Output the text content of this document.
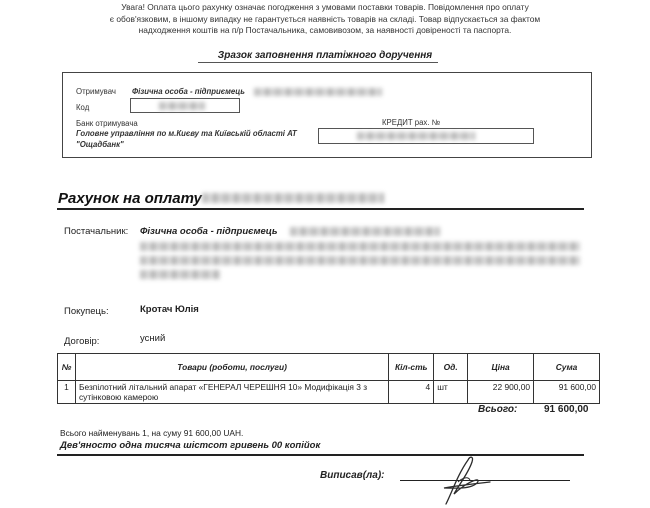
Увага! Оплата цього рахунку означає погодження з умовами поставки товарів. Повідомлення про оплату
є обов'язковим, в іншому випадку не гарантується наявність товарів на складі. Товар відпускається за фактом
надходження коштів на п/р Постачальника, самовивозом, за наявності довіреності та паспорта.
Зразок заповнення платіжного доручення
Отримувач Фізична особа - підприємець
Код
Банк отримувача	КРЕДИТ рах. №
Головне управління по м.Києву та Київській області АТ
"Ощадбанк"
Рахунок на оплату
Постачальник: Фізична особа - підприємець
Покупець:	Кротач Юлія
Договір:	усний
№	Товари (роботи, послуги)	Кіл-сть	Од.	Ціна	Сума
1	Безпілотний літальний апарат «ГЕНЕРАЛ ЧЕРЕШНЯ 10» Модифікація 3 з
сутінковою камерою	4	шт	22 900,00	91 600,00
Всього:	91 600,00
Всього найменувань 1, на суму 91 600,00 UAH.
Дев'яносто одна тисяча шістсот гривень 00 копійок
Виписав(ла):
